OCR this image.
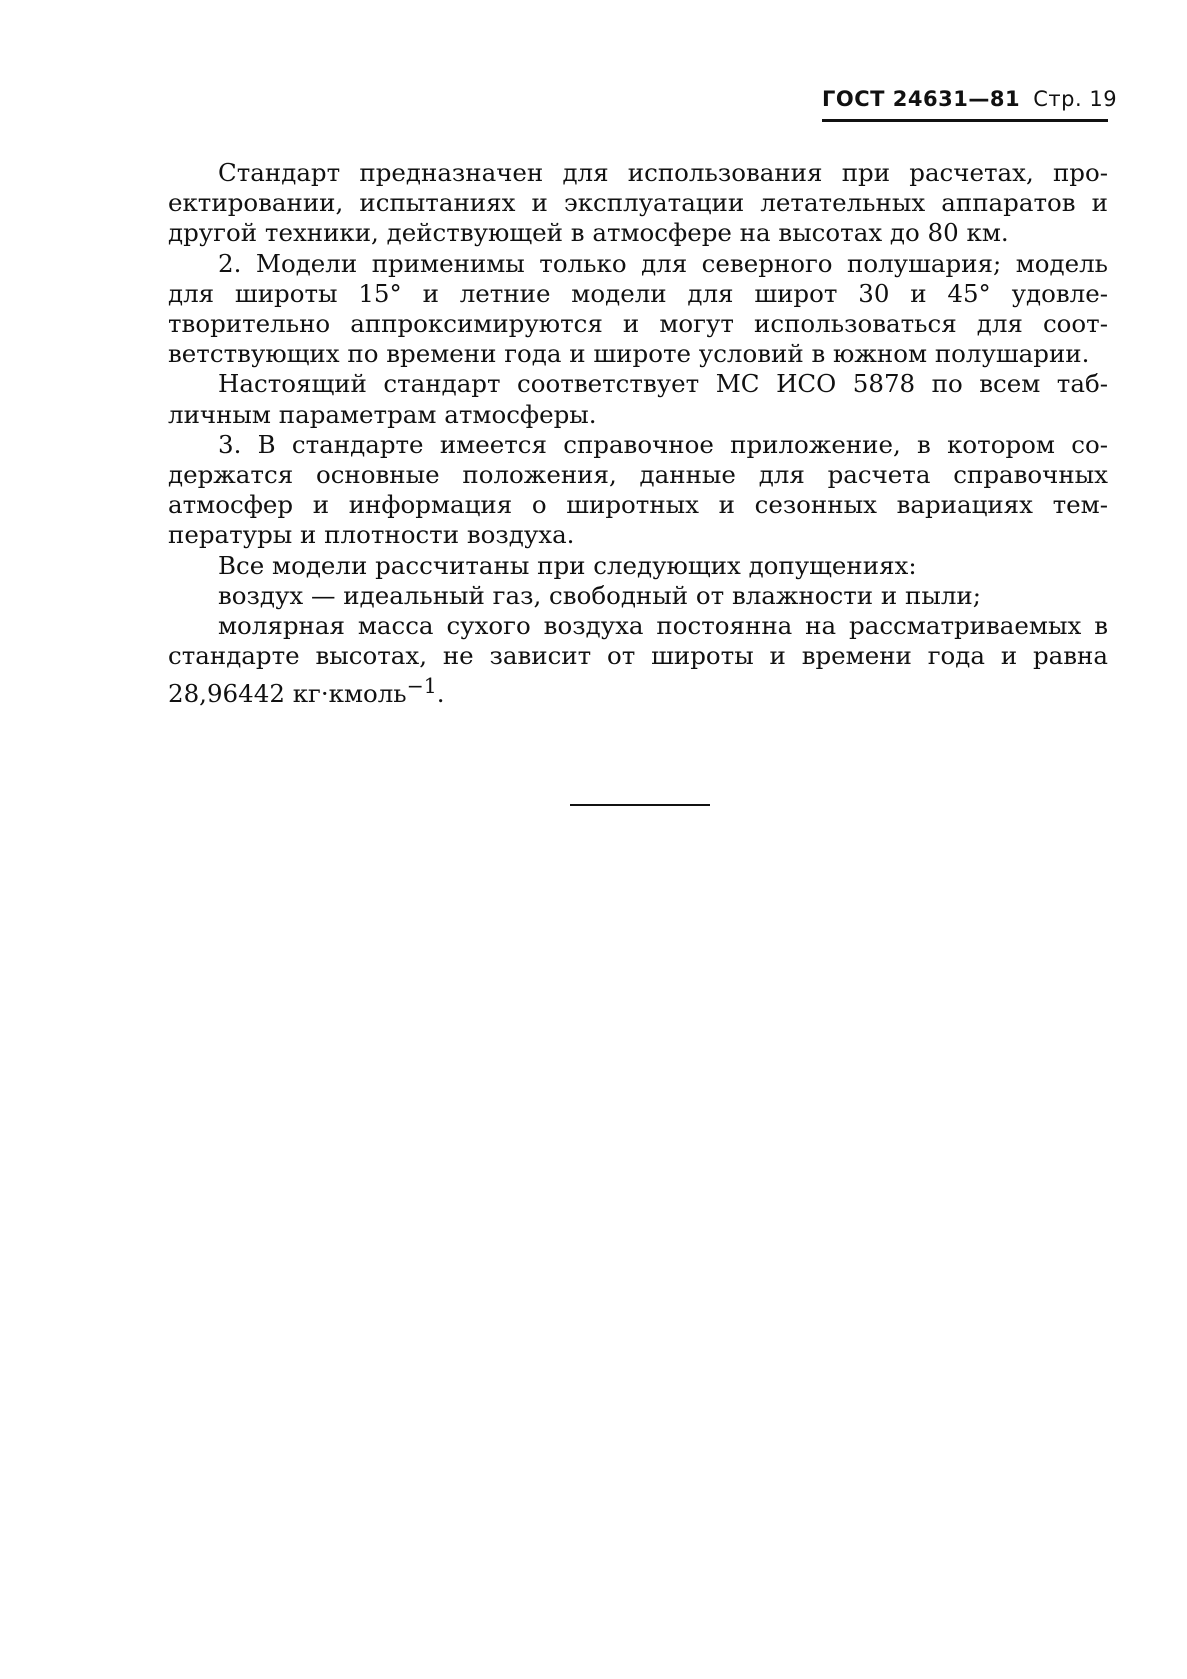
ГОСТ 24631—81 Стр. 19

Стандарт предназначен для использования при расчетах, проектировании, испытаниях и эксплуатации летательных аппаратов и другой техники, действующей в атмосфере на высотах до 80 км.

2. Модели применимы только для северного полушария; модель для широты 15° и летние модели для широт 30 и 45° удовлетворительно аппроксимируются и могут использоваться для соответствующих по времени года и широте условий в южном полушарии.

Настоящий стандарт соответствует МС ИСО 5878 по всем табличным параметрам атмосферы.

3. В стандарте имеется справочное приложение, в котором содержатся основные положения, данные для расчета справочных атмосфер и информация о широтных и сезонных вариациях температуры и плотности воздуха.

Все модели рассчитаны при следующих допущениях:

воздух — идеальный газ, свободный от влажности и пыли;

молярная масса сухого воздуха постоянна на рассматриваемых в стандарте высотах, не зависит от широты и времени года и равна 28,96442 кг·кмоль$^{-1}$.
